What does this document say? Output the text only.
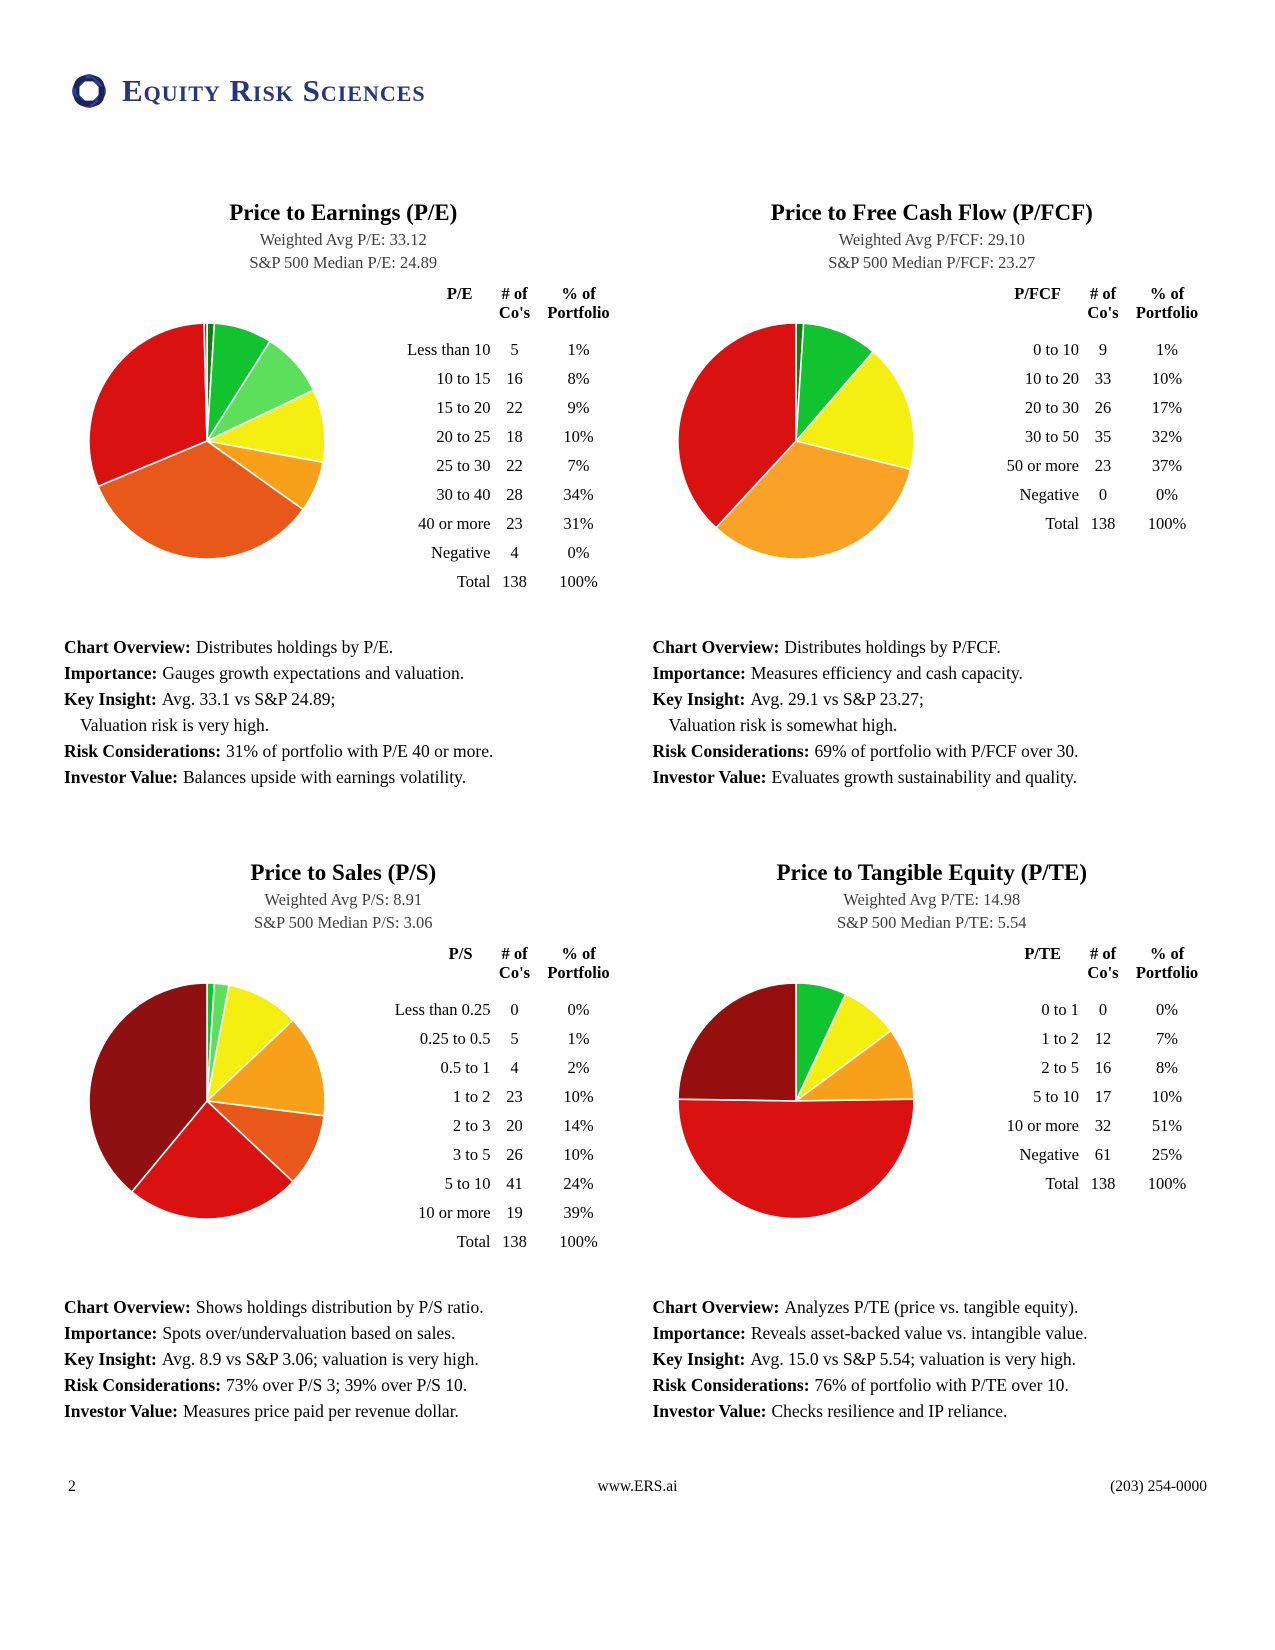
Equity Risk Sciences
Price to Earnings (P/E)
Weighted Avg P/E: 33.12
S&P 500 Median P/E: 24.89
P/E	# of
Co's
% of
Portfolio
Less than 10	5	1%
10 to 15 16	8%
15 to 20 22	9%
20 to 25 18	10%
25 to 30 22	7%
30 to 40 28	34%
40 or more 23	31%
Negative	4	0%
Total 138	100%
Chart Overview: Distributes holdings by P/E.
Importance: Gauges growth expectations and valuation.
Key Insight: Avg. 33.1 vs S&P 24.89;
Valuation risk is very high.
Risk Considerations: 31% of portfolio with P/E 40 or more.
Investor Value: Balances upside with earnings volatility.
Price to Free Cash Flow (P/FCF)
Weighted Avg P/FCF: 29.10
S&P 500 Median P/FCF: 23.27
P/FCF	# of
Co's
% of
Portfolio
0 to 10	9	1%
10 to 20 33	10%
20 to 30 26	17%
30 to 50 35	32%
50 or more 23	37%
Negative	0	0%
Total 138	100%
Chart Overview: Distributes holdings by P/FCF.
Importance: Measures efficiency and cash capacity.
Key Insight: Avg. 29.1 vs S&P 23.27;
Valuation risk is somewhat high.
Risk Considerations: 69% of portfolio with P/FCF over 30.
Investor Value: Evaluates growth sustainability and quality.
Price to Sales (P/S)
Weighted Avg P/S: 8.91
S&P 500 Median P/S: 3.06
P/S	# of
Co's
% of
Portfolio
Less than 0.25	0	0%
0.25 to 0.5	5	1%
0.5 to 1	4	2%
1 to 2 23	10%
2 to 3 20	14%
3 to 5 26	10%
5 to 10 41	24%
10 or more 19	39%
Total 138	100%
Chart Overview: Shows holdings distribution by P/S ratio.
Importance: Spots over/undervaluation based on sales.
Key Insight: Avg. 8.9 vs S&P 3.06; valuation is very high.
Risk Considerations: 73% over P/S 3; 39% over P/S 10.
Investor Value: Measures price paid per revenue dollar.
Price to Tangible Equity (P/TE)
Weighted Avg P/TE: 14.98
S&P 500 Median P/TE: 5.54
P/TE	# of
Co's
% of
Portfolio
0 to 1	0	0%
1 to 2 12	7%
2 to 5 16	8%
5 to 10 17	10%
10 or more 32	51%
Negative 61	25%
Total 138	100%
Chart Overview: Analyzes P/TE (price vs. tangible equity).
Importance: Reveals asset-backed value vs. intangible value.
Key Insight: Avg. 15.0 vs S&P 5.54; valuation is very high.
Risk Considerations: 76% of portfolio with P/TE over 10.
Investor Value: Checks resilience and IP reliance.
2	www.ERS.ai	(203) 254-0000
